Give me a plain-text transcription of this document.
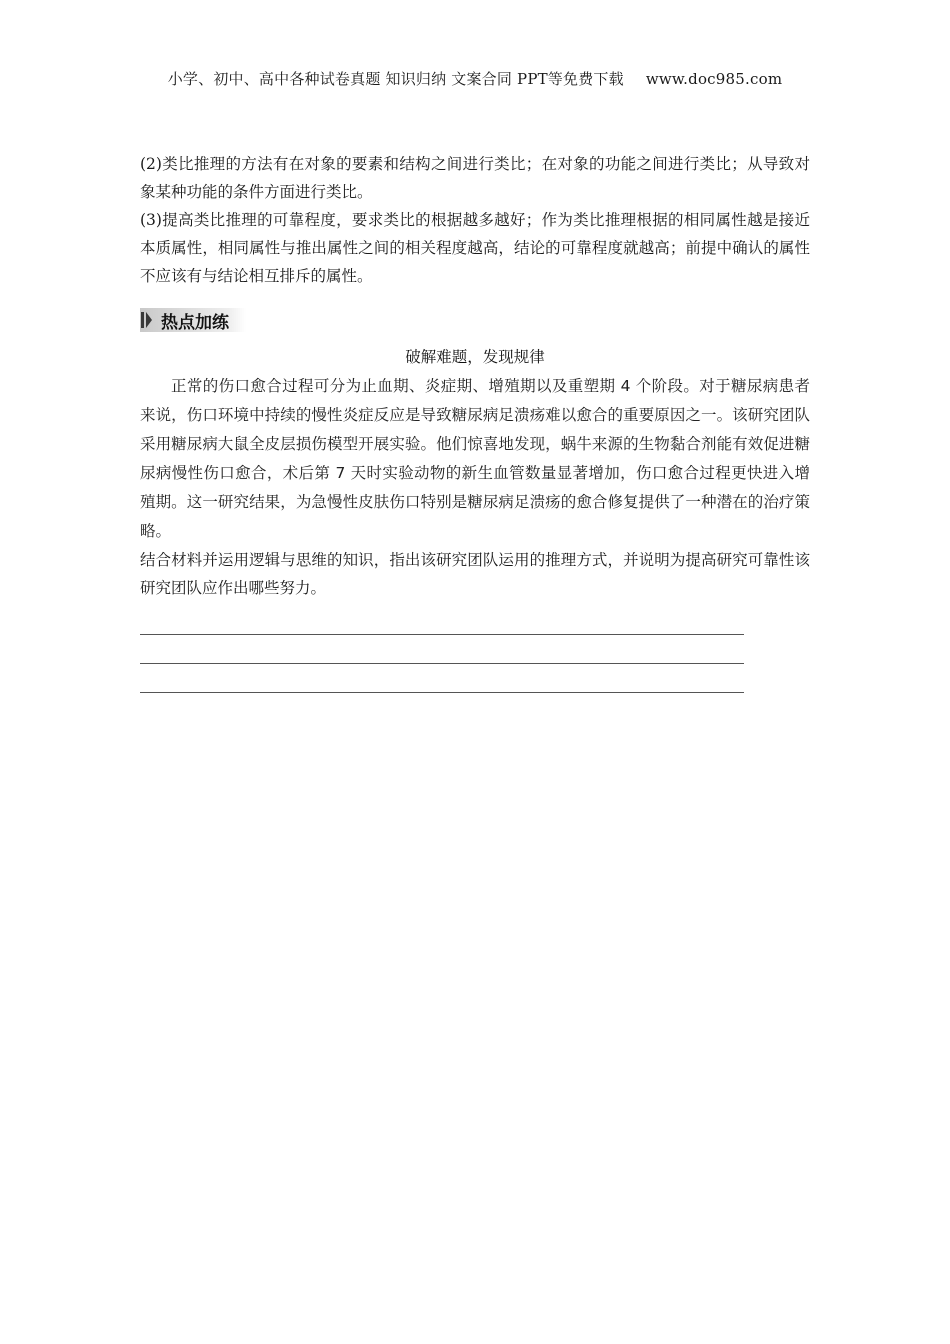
小学、初中、高中各种试卷真题 知识归纳 文案合同 PPT等免费下载 www.doc985.com

(2)类比推理的方法有在对象的要素和结构之间进行类比；在对象的功能之间进行类比；从导致对象某种功能的条件方面进行类比。

(3)提高类比推理的可靠程度，要求类比的根据越多越好；作为类比推理根据的相同属性越是接近本质属性，相同属性与推出属性之间的相关程度越高，结论的可靠程度就越高；前提中确认的属性不应该有与结论相互排斥的属性。

热点加练
破解难题，发现规律

正常的伤口愈合过程可分为止血期、炎症期、增殖期以及重塑期 4 个阶段。对于糖尿病患者来说，伤口环境中持续的慢性炎症反应是导致糖尿病足溃疡难以愈合的重要原因之一。该研究团队采用糖尿病大鼠全皮层损伤模型开展实验。他们惊喜地发现，蜗牛来源的生物黏合剂能有效促进糖尿病慢性伤口愈合，术后第 7 天时实验动物的新生血管数量显著增加，伤口愈合过程更快进入增殖期。这一研究结果，为急慢性皮肤伤口特别是糖尿病足溃疡的愈合修复提供了一种潜在的治疗策略。

结合材料并运用逻辑与思维的知识，指出该研究团队运用的推理方式，并说明为提高研究可靠性该研究团队应作出哪些努力。
